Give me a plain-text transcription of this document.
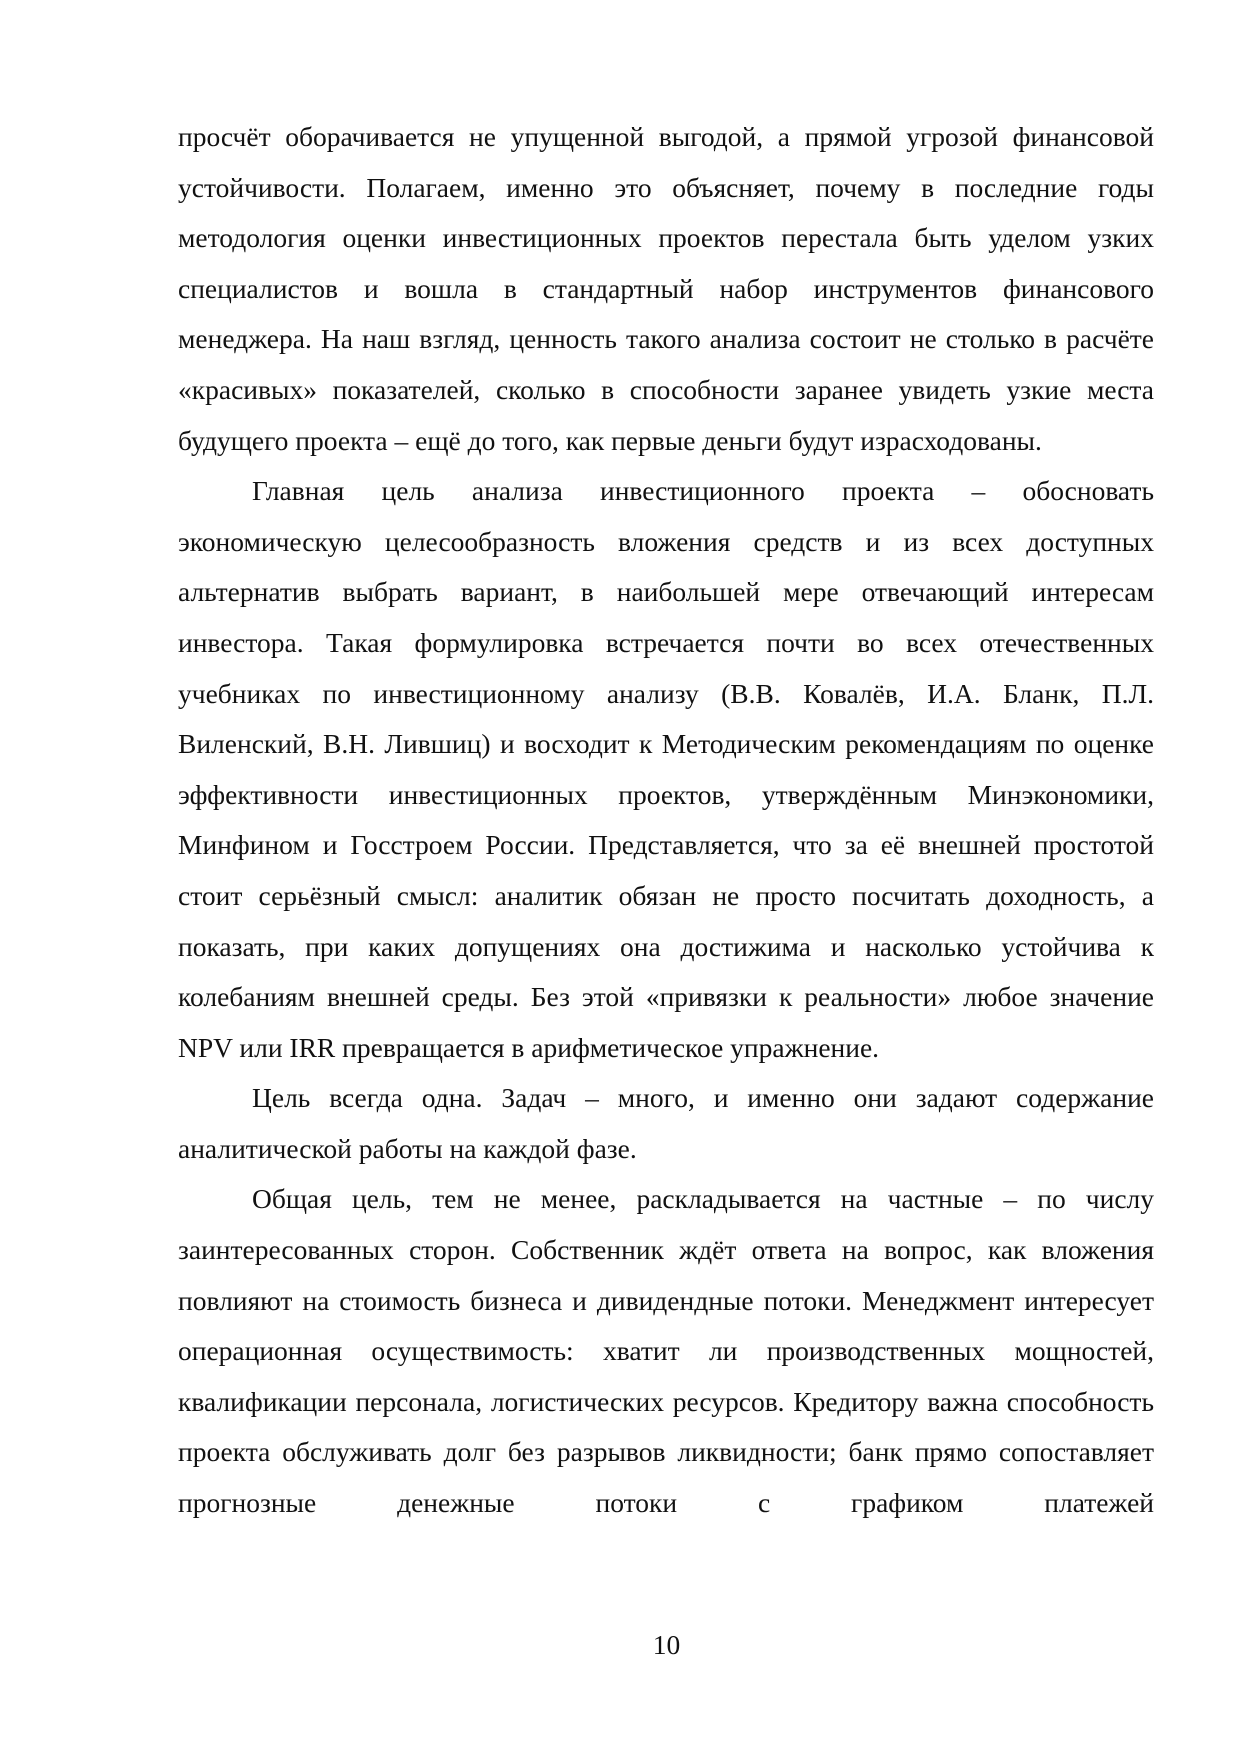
просчёт оборачивается не упущенной выгодой, а прямой угрозой финансовой устойчивости. Полагаем, именно это объясняет, почему в последние годы методология оценки инвестиционных проектов перестала быть уделом узких специалистов и вошла в стандартный набор инструментов финансового менеджера. На наш взгляд, ценность такого анализа состоит не столько в расчёте «красивых» показателей, сколько в способности заранее увидеть узкие места будущего проекта – ещё до того, как первые деньги будут израсходованы.

Главная цель анализа инвестиционного проекта – обосновать экономическую целесообразность вложения средств и из всех доступных альтернатив выбрать вариант, в наибольшей мере отвечающий интересам инвестора. Такая формулировка встречается почти во всех отечественных учебниках по инвестиционному анализу (В.В. Ковалёв, И.А. Бланк, П.Л. Виленский, В.Н. Лившиц) и восходит к Методическим рекомендациям по оценке эффективности инвестиционных проектов, утверждённым Минэкономики, Минфином и Госстроем России. Представляется, что за её внешней простотой стоит серьёзный смысл: аналитик обязан не просто посчитать доходность, а показать, при каких допущениях она достижима и насколько устойчива к колебаниям внешней среды. Без этой «привязки к реальности» любое значение NPV или IRR превращается в арифметическое упражнение.

Цель всегда одна. Задач – много, и именно они задают содержание аналитической работы на каждой фазе.

Общая цель, тем не менее, раскладывается на частные – по числу заинтересованных сторон. Собственник ждёт ответа на вопрос, как вложения повлияют на стоимость бизнеса и дивидендные потоки. Менеджмент интересует операционная осуществимость: хватит ли производственных мощностей, квалификации персонала, логистических ресурсов. Кредитору важна способность проекта обслуживать долг без разрывов ликвидности; банк прямо сопоставляет прогнозные денежные потоки с графиком платежей

10
